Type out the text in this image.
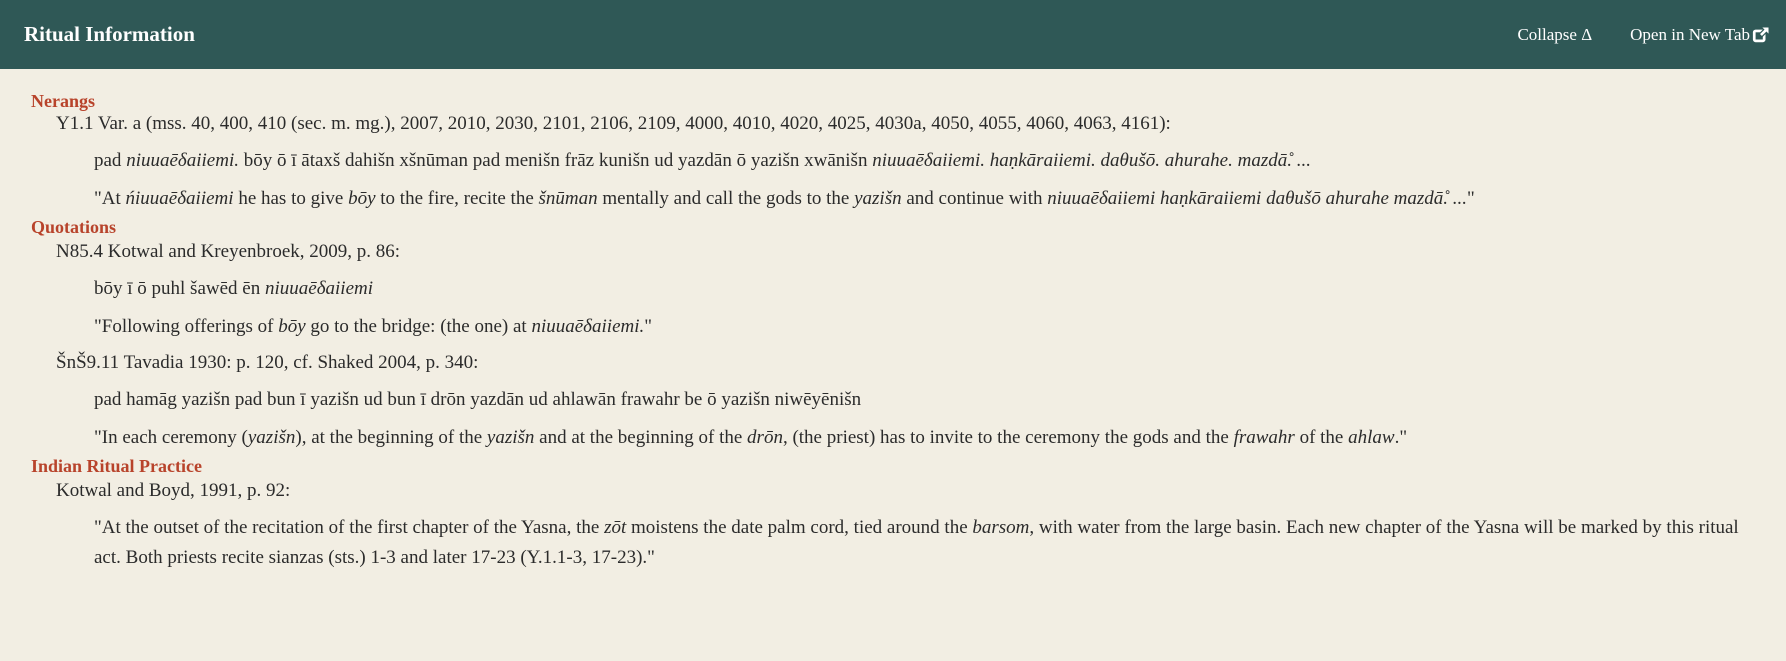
Ritual Information	Collapse Δ Open in New Tab
Nerangs
Y1.1 Var. a (mss. 40, 400, 410 (sec. m. mg.), 2007, 2010, 2030, 2101, 2106, 2109, 4000, 4010, 4020, 4025, 4030a, 4050, 4055, 4060, 4063, 4161):

pad niuuaēδaiiemi. bōy ō ī ātaxš dahišn xšnūman pad menišn frāz kunišn ud yazdān ō yazišn xwānišn niuuaēδaiiemi. haṇkāraiiemi. daθušō. ahurahe. mazdā̊. ...

"At ńiuuaēδaiiemi he has to give bōy to the fire, recite the šnūman mentally and call the gods to the yazišn and continue with niuuaēδaiiemi haṇkāraiiemi daθušō ahurahe mazdā̊. ..."

Quotations
N85.4 Kotwal and Kreyenbroek, 2009, p. 86:

bōy ī ō puhl šawēd ēn niuuaēδaiiemi

"Following offerings of bōy go to the bridge: (the one) at niuuaēδaiiemi."

ŠnŠ9.11 Tavadia 1930: p. 120, cf. Shaked 2004, p. 340:

pad hamāg yazišn pad bun ī yazišn ud bun ī drōn yazdān ud ahlawān frawahr be ō yazišn niwēyēnišn

"In each ceremony (yazišn), at the beginning of the yazišn and at the beginning of the drōn, (the priest) has to invite to the ceremony the gods and the frawahr of the ahlaw."

Indian Ritual Practice
Kotwal and Boyd, 1991, p. 92:

"At the outset of the recitation of the first chapter of the Yasna, the zōt moistens the date palm cord, tied around the barsom, with water from the large basin. Each new chapter of the Yasna will be marked by this ritual act. Both priests recite sianzas (sts.) 1-3 and later 17-23 (Y.1.1-3, 17-23)."
